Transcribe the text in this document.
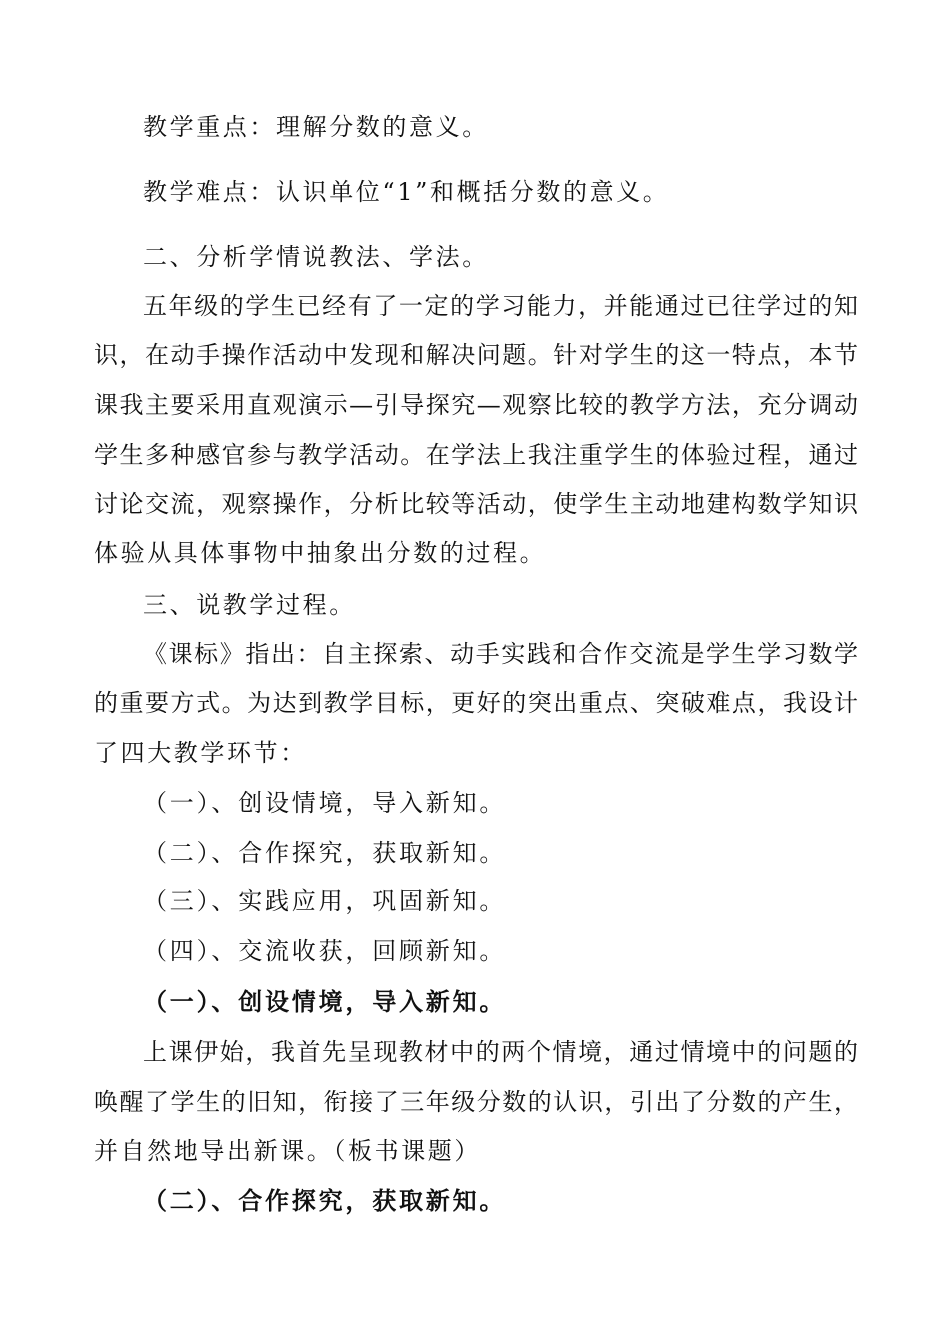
教学重点：理解分数的意义。
教学难点：认识单位“1”和概括分数的意义。
二、分析学情说教法、学法。
五年级的学生已经有了一定的学习能力，并能通过已往学过的知
识，在动手操作活动中发现和解决问题。针对学生的这一特点，本节
课我主要采用直观演示—引导探究—观察比较的教学方法，充分调动
学生多种感官参与教学活动。在学法上我注重学生的体验过程，通过
讨论交流，观察操作，分析比较等活动，使学生主动地建构数学知识
体验从具体事物中抽象出分数的过程。
三、说教学过程。
《课标》指出：自主探索、动手实践和合作交流是学生学习数学
的重要方式。为达到教学目标，更好的突出重点、突破难点，我设计
了四大教学环节：
（一）、创设情境，导入新知。
（二）、合作探究，获取新知。
（三）、实践应用，巩固新知。
（四）、交流收获，回顾新知。
（一）、创设情境，导入新知。
上课伊始，我首先呈现教材中的两个情境，通过情境中的问题的
唤醒了学生的旧知，衔接了三年级分数的认识，引出了分数的产生，
并自然地导出新课。（板书课题）
（二）、合作探究，获取新知。
